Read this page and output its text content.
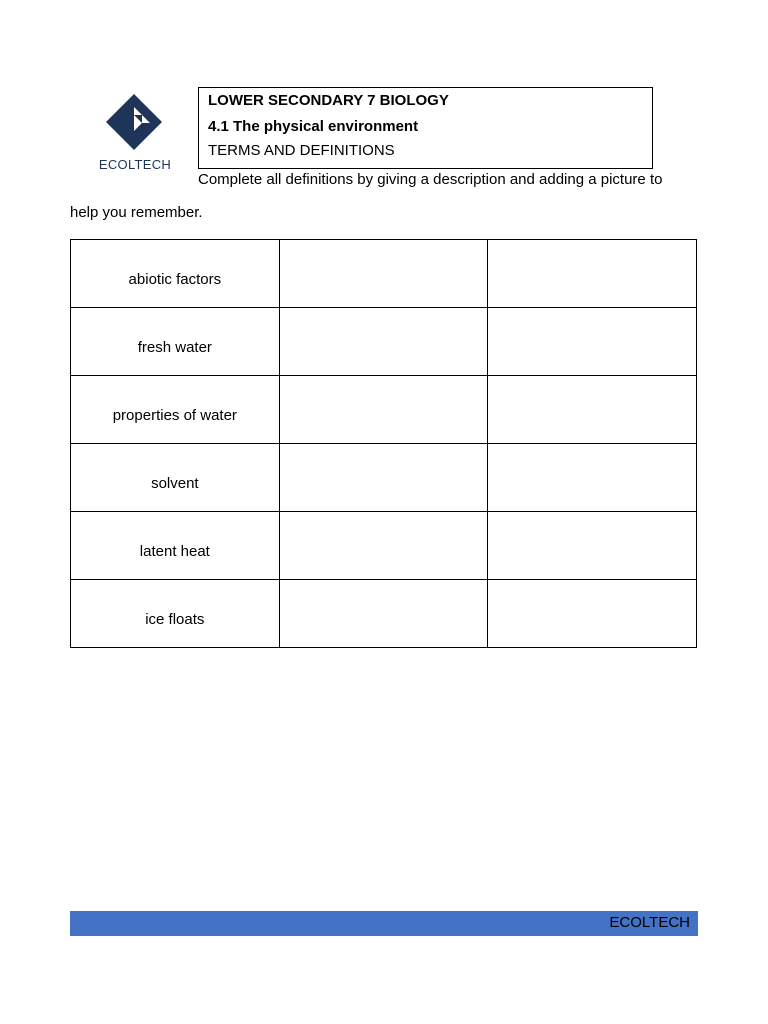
ECOLTECH
LOWER SECONDARY 7 BIOLOGY
4.1 The physical environment
TERMS AND DEFINITIONS
Complete all definitions by giving a description and adding a picture to
help you remember.
abiotic factors		
fresh water		
properties of water		
solvent		
latent heat		
ice floats		
ECOLTECH
